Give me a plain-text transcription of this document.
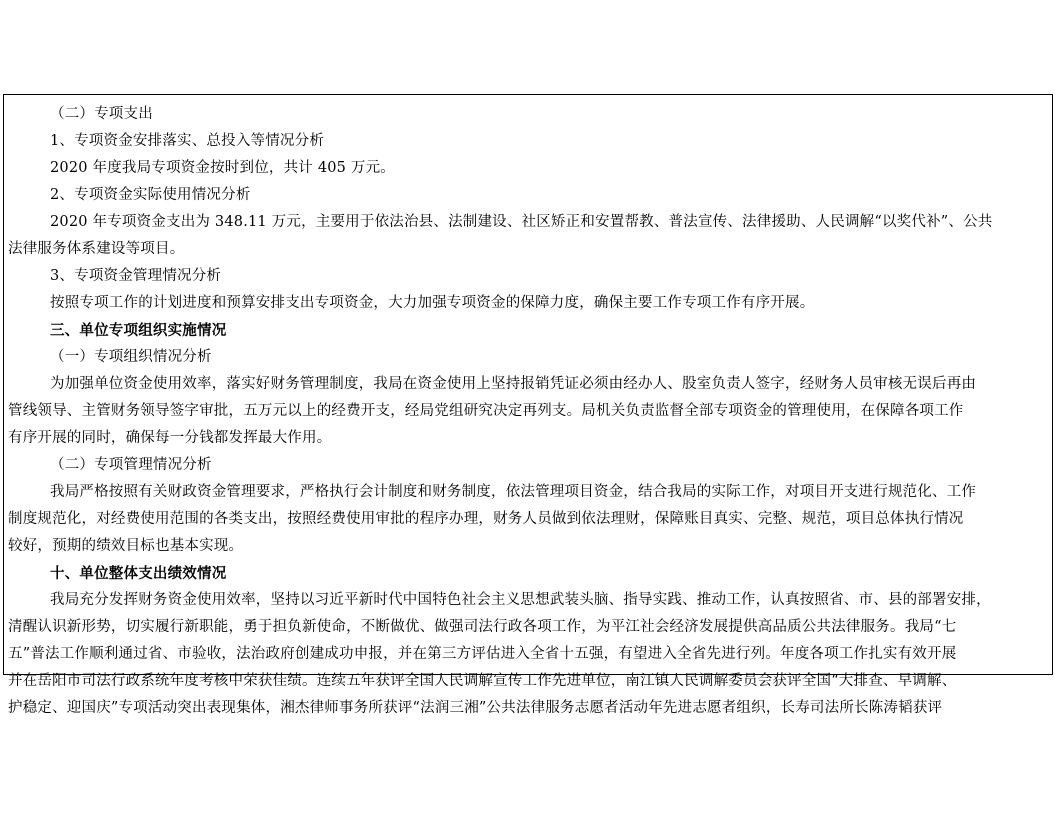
（二）专项支出
1、专项资金安排落实、总投入等情况分析
2020 年度我局专项资金按时到位，共计 405 万元。
2、专项资金实际使用情况分析
2020 年专项资金支出为 348.11 万元，主要用于依法治县、法制建设、社区矫正和安置帮教、普法宣传、法律援助、人民调解“以奖代补”、公共
法律服务体系建设等项目。
3、专项资金管理情况分析
按照专项工作的计划进度和预算安排支出专项资金，大力加强专项资金的保障力度，确保主要工作专项工作有序开展。
三、单位专项组织实施情况
（一）专项组织情况分析
为加强单位资金使用效率，落实好财务管理制度，我局在资金使用上坚持报销凭证必须由经办人、股室负责人签字，经财务人员审核无误后再由
管线领导、主管财务领导签字审批，五万元以上的经费开支，经局党组研究决定再列支。局机关负责监督全部专项资金的管理使用，在保障各项工作
有序开展的同时，确保每一分钱都发挥最大作用。
（二）专项管理情况分析
我局严格按照有关财政资金管理要求，严格执行会计制度和财务制度，依法管理项目资金，结合我局的实际工作，对项目开支进行规范化、工作
制度规范化，对经费使用范围的各类支出，按照经费使用审批的程序办理，财务人员做到依法理财，保障账目真实、完整、规范，项目总体执行情况
较好，预期的绩效目标也基本实现。
十、单位整体支出绩效情况
我局充分发挥财务资金使用效率，坚持以习近平新时代中国特色社会主义思想武装头脑、指导实践、推动工作，认真按照省、市、县的部署安排，
清醒认识新形势，切实履行新职能，勇于担负新使命，不断做优、做强司法行政各项工作，为平江社会经济发展提供高品质公共法律服务。我局“七
五”普法工作顺利通过省、市验收，法治政府创建成功申报，并在第三方评估进入全省十五强，有望进入全省先进行列。年度各项工作扎实有效开展
并在岳阳市司法行政系统年度考核中荣获佳绩。连续五年获评全国人民调解宣传工作先进单位，南江镇人民调解委员会获评全国“大排查、早调解、
护稳定、迎国庆”专项活动突出表现集体，湘杰律师事务所获评“法润三湘”公共法律服务志愿者活动年先进志愿者组织，长寿司法所长陈涛韬获评
